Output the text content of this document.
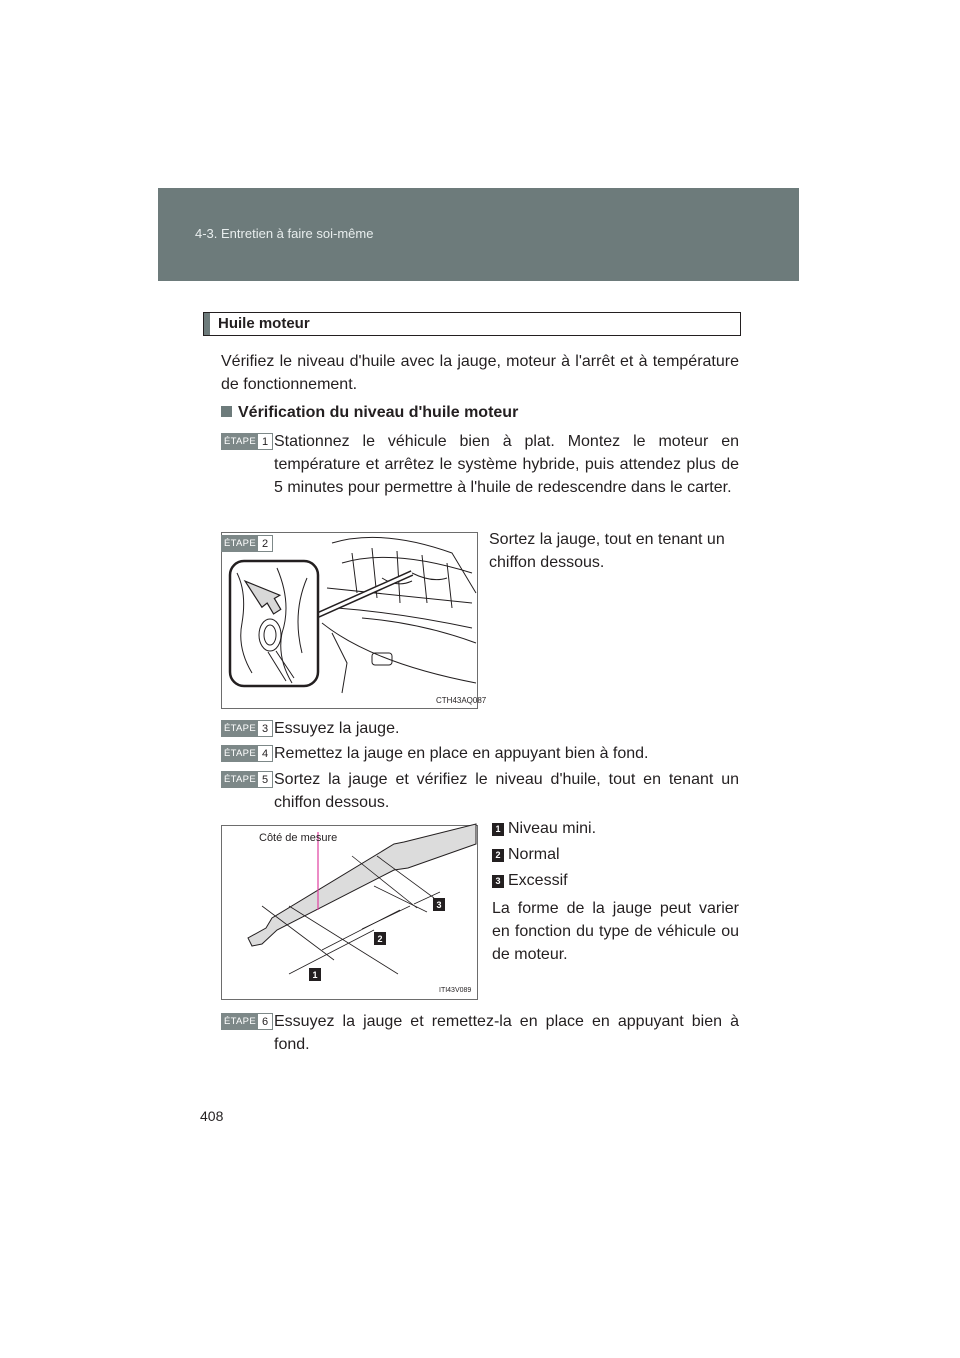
4-3. Entretien à faire soi-même
Huile moteur
Vérifiez le niveau d'huile avec la jauge, moteur à l'arrêt et à température de fonctionnement.
Vérification du niveau d'huile moteur
ÉTAPE 1 Stationnez le véhicule bien à plat. Montez le moteur en température et arrêtez le système hybride, puis attendez plus de 5 minutes pour permettre à l'huile de redescendre dans le carter.
CTH43AQ087
ÉTAPE 2	Sortez la jauge, tout en tenant un chiffon dessous.
ÉTAPE 3 Essuyez la jauge.
ÉTAPE 4 Remettez la jauge en place en appuyant bien à fond.
ÉTAPE 5 Sortez la jauge et vérifiez le niveau d'huile, tout en tenant un chiffon dessous.
Côté de mesure
1
2
3
ITI43V089
1 Niveau mini.
2 Normal
3 Excessif
La forme de la jauge peut varier en fonction du type de véhicule ou de moteur.
ÉTAPE 6 Essuyez la jauge et remettez-la en place en appuyant bien à fond.
408
